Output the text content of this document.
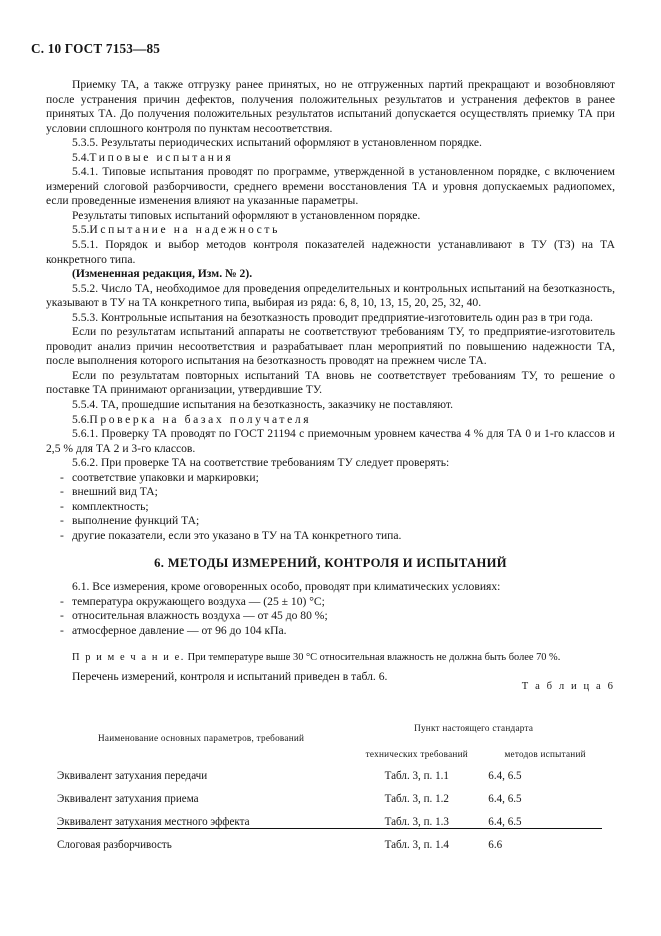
С. 10 ГОСТ 7153—85

Приемку ТА, а также отгрузку ранее принятых, но не отгруженных партий прекращают и возобновляют после устранения причин дефектов, получения положительных результатов и устранения дефектов в ранее принятых ТА. До получения положительных результатов испытаний допускается осуществлять приемку ТА при условии сплошного контроля по пунктам несоответствия.

5.3.5. Результаты периодических испытаний оформляют в установленном порядке.

5.4.Типовые испытания

5.4.1. Типовые испытания проводят по программе, утвержденной в установленном порядке, с включением измерений слоговой разборчивости, среднего времени восстановления ТА и уровня допускаемых радиопомех, если проведенные изменения влияют на указанные параметры.

Результаты типовых испытаний оформляют в установленном порядке.

5.5.Испытание на надежность

5.5.1. Порядок и выбор методов контроля показателей надежности устанавливают в ТУ (ТЗ) на ТА конкретного типа.

(Измененная редакция, Изм. № 2).

5.5.2. Число ТА, необходимое для проведения определительных и контрольных испытаний на безотказность, указывают в ТУ на ТА конкретного типа, выбирая из ряда: 6, 8, 10, 13, 15, 20, 25, 32, 40.

5.5.3. Контрольные испытания на безотказность проводит предприятие-изготовитель один раз в три года.

Если по результатам испытаний аппараты не соответствуют требованиям ТУ, то предприятие-изготовитель проводит анализ причин несоответствия и разрабатывает план мероприятий по повышению надежности ТА, после выполнения которого испытания на безотказность проводят на прежнем числе ТА.

Если по результатам повторных испытаний ТА вновь не соответствует требованиям ТУ, то решение о поставке ТА принимают организации, утвердившие ТУ.

5.5.4. ТА, прошедшие испытания на безотказность, заказчику не поставляют.

5.6.Проверка на базах получателя

5.6.1. Проверку ТА проводят по ГОСТ 21194 с приемочным уровнем качества 4 % для ТА 0 и 1-го классов и 2,5 % для ТА 2 и 3-го классов.

5.6.2. При проверке ТА на соответствие требованиям ТУ следует проверять:

- соответствие упаковки и маркировки;
- внешний вид ТА;
- комплектность;
- выполнение функций ТА;
- другие показатели, если это указано в ТУ на ТА конкретного типа.
6. МЕТОДЫ ИЗМЕРЕНИЙ, КОНТРОЛЯ И ИСПЫТАНИЙ

6.1. Все измерения, кроме оговоренных особо, проводят при климатических условиях:

- температура окружающего воздуха — (25 ± 10) °С;
- относительная влажность воздуха — от 45 до 80 %;
- атмосферное давление — от 96 до 104 кПа.

П р и м е ч а н и е. При температуре выше 30 °С относительная влажность не должна быть более 70 %.

Перечень измерений, контроля и испытаний приведен в табл. 6.

Т а б л и ц а 6
Наименование основных параметров, требований	Пункт настоящего стандарта	
	технических требований	методов испытаний
Эквивалент затухания передачи	Табл. 3, п. 1.1	6.4, 6.5
Эквивалент затухания приема	Табл. 3, п. 1.2	6.4, 6.5
Эквивалент затухания местного эффекта	Табл. 3, п. 1.3	6.4, 6.5
Слоговая разборчивость	Табл. 3, п. 1.4	6.6
